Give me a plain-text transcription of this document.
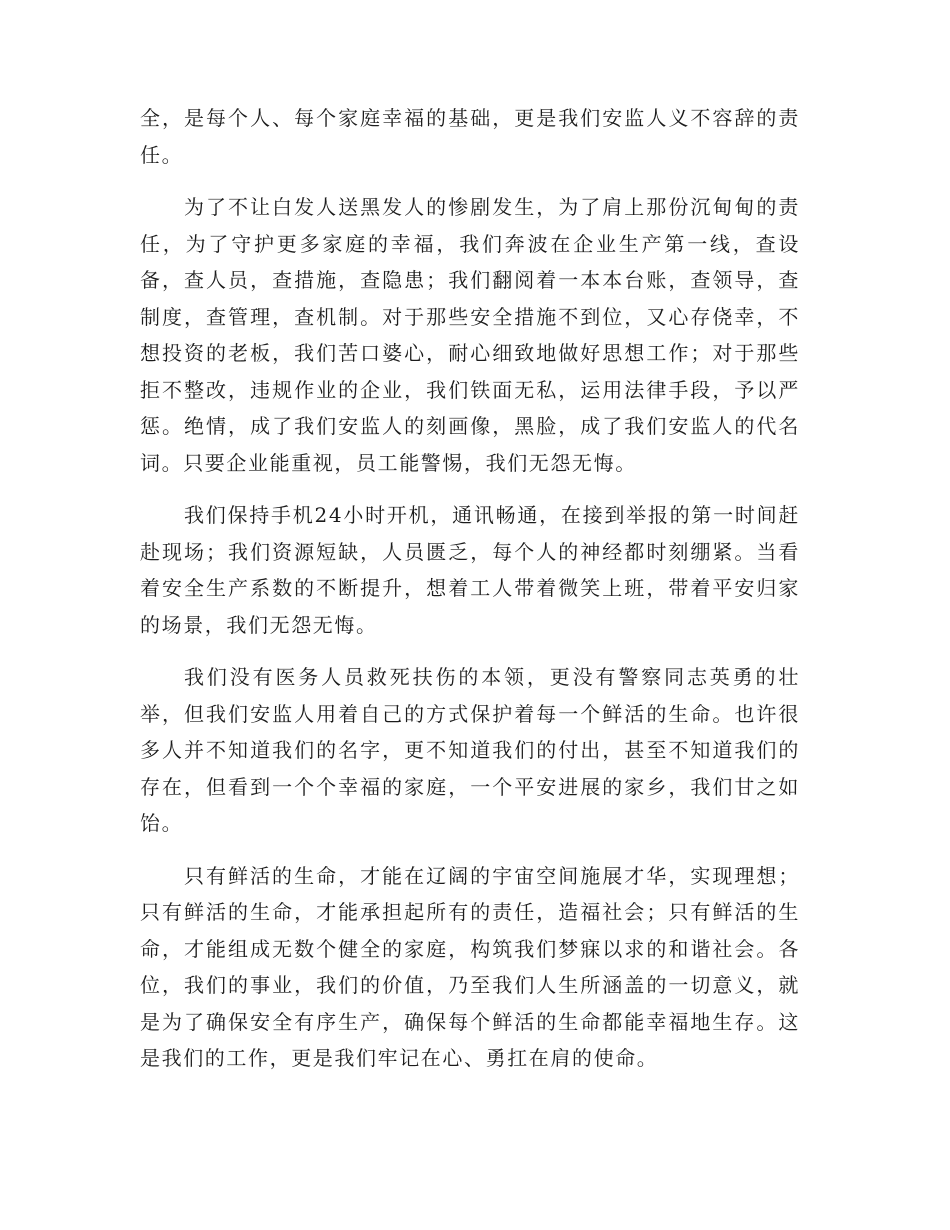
全，是每个人、每个家庭幸福的基础，更是我们安监人义不容辞的责任。

为了不让白发人送黑发人的惨剧发生，为了肩上那份沉甸甸的责任，为了守护更多家庭的幸福，我们奔波在企业生产第一线，查设备，查人员，查措施，查隐患；我们翻阅着一本本台账，查领导，查制度，查管理，查机制。对于那些安全措施不到位，又心存侥幸，不想投资的老板，我们苦口婆心，耐心细致地做好思想工作；对于那些拒不整改，违规作业的企业，我们铁面无私，运用法律手段，予以严惩。绝情，成了我们安监人的刻画像，黑脸，成了我们安监人的代名词。只要企业能重视，员工能警惕，我们无怨无悔。

我们保持手机24小时开机，通讯畅通，在接到举报的第一时间赶赴现场；我们资源短缺，人员匮乏，每个人的神经都时刻绷紧。当看着安全生产系数的不断提升，想着工人带着微笑上班，带着平安归家的场景，我们无怨无悔。

我们没有医务人员救死扶伤的本领，更没有警察同志英勇的壮举，但我们安监人用着自己的方式保护着每一个鲜活的生命。也许很多人并不知道我们的名字，更不知道我们的付出，甚至不知道我们的存在，但看到一个个幸福的家庭，一个平安进展的家乡，我们甘之如饴。

只有鲜活的生命，才能在辽阔的宇宙空间施展才华，实现理想；只有鲜活的生命，才能承担起所有的责任，造福社会；只有鲜活的生命，才能组成无数个健全的家庭，构筑我们梦寐以求的和谐社会。各位，我们的事业，我们的价值，乃至我们人生所涵盖的一切意义，就是为了确保安全有序生产，确保每个鲜活的生命都能幸福地生存。这是我们的工作，更是我们牢记在心、勇扛在肩的使命。
